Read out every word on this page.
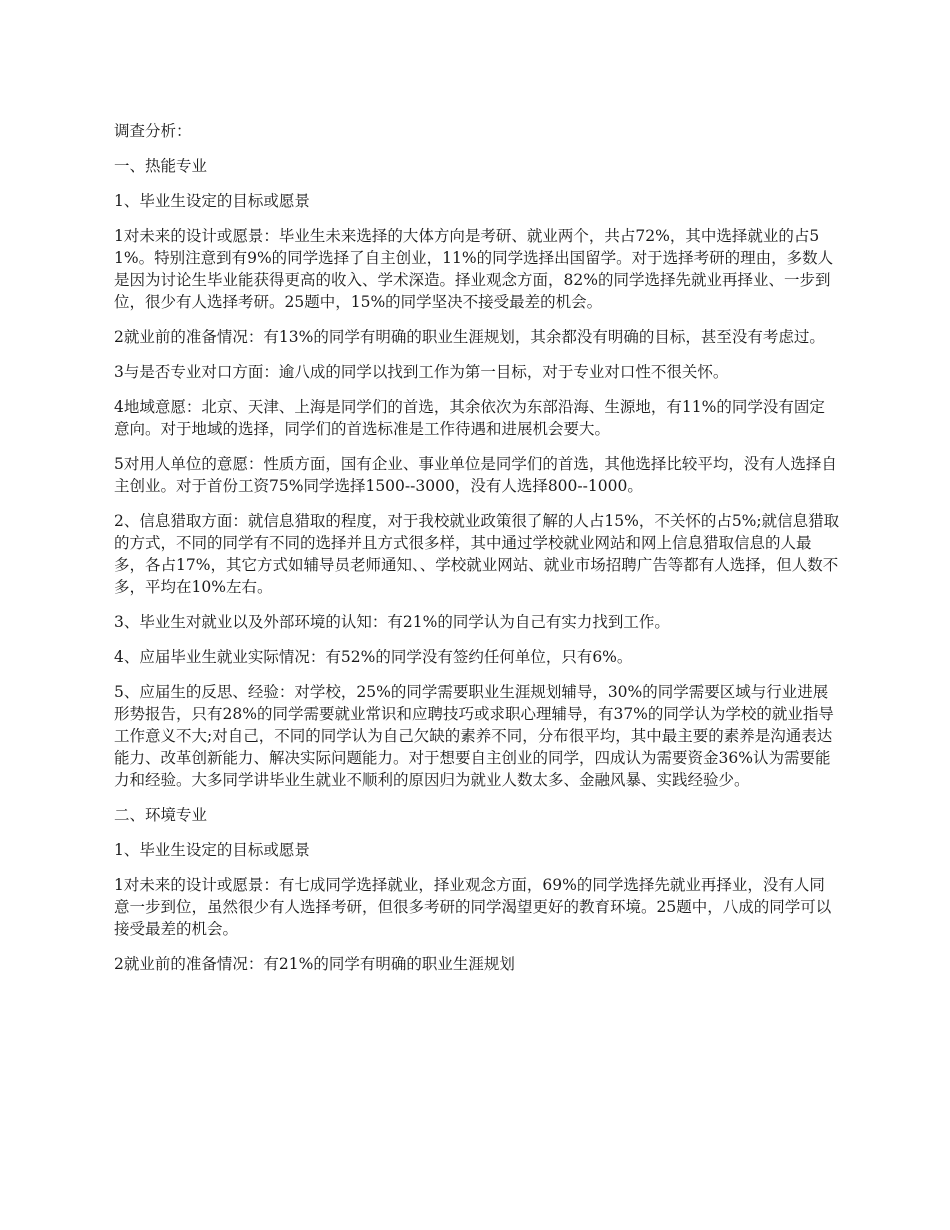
调查分析：

一、热能专业

1、毕业生设定的目标或愿景

1对未来的设计或愿景：毕业生未来选择的大体方向是考研、就业两个，共占72%，其中选择就业的占51%。特别注意到有9%的同学选择了自主创业，11%的同学选择出国留学。对于选择考研的理由，多数人是因为讨论生毕业能获得更高的收入、学术深造。择业观念方面，82%的同学选择先就业再择业、一步到位，很少有人选择考研。25题中，15%的同学坚决不接受最差的机会。

2就业前的准备情况：有13%的同学有明确的职业生涯规划，其余都没有明确的目标，甚至没有考虑过。

3与是否专业对口方面：逾八成的同学以找到工作为第一目标，对于专业对口性不很关怀。

4地域意愿：北京、天津、上海是同学们的首选，其余依次为东部沿海、生源地，有11%的同学没有固定意向。对于地域的选择，同学们的首选标准是工作待遇和进展机会要大。

5对用人单位的意愿：性质方面，国有企业、事业单位是同学们的首选，其他选择比较平均，没有人选择自主创业。对于首份工资75%同学选择1500--3000，没有人选择800--1000。

2、信息猎取方面：就信息猎取的程度，对于我校就业政策很了解的人占15%，不关怀的占5%;就信息猎取的方式，不同的同学有不同的选择并且方式很多样，其中通过学校就业网站和网上信息猎取信息的人最多，各占17%，其它方式如辅导员老师通知、、学校就业网站、就业市场招聘广告等都有人选择，但人数不多，平均在10%左右。

3、毕业生对就业以及外部环境的认知：有21%的同学认为自己有实力找到工作。

4、应届毕业生就业实际情况：有52%的同学没有签约任何单位，只有6%。

5、应届生的反思、经验：对学校，25%的同学需要职业生涯规划辅导，30%的同学需要区域与行业进展形势报告，只有28%的同学需要就业常识和应聘技巧或求职心理辅导，有37%的同学认为学校的就业指导工作意义不大;对自己，不同的同学认为自己欠缺的素养不同，分布很平均，其中最主要的素养是沟通表达能力、改革创新能力、解决实际问题能力。对于想要自主创业的同学，四成认为需要资金36%认为需要能力和经验。大多同学讲毕业生就业不顺利的原因归为就业人数太多、金融风暴、实践经验少。

二、环境专业

1、毕业生设定的目标或愿景

1对未来的设计或愿景：有七成同学选择就业，择业观念方面，69%的同学选择先就业再择业，没有人同意一步到位，虽然很少有人选择考研，但很多考研的同学渴望更好的教育环境。25题中，八成的同学可以接受最差的机会。

2就业前的准备情况：有21%的同学有明确的职业生涯规划
